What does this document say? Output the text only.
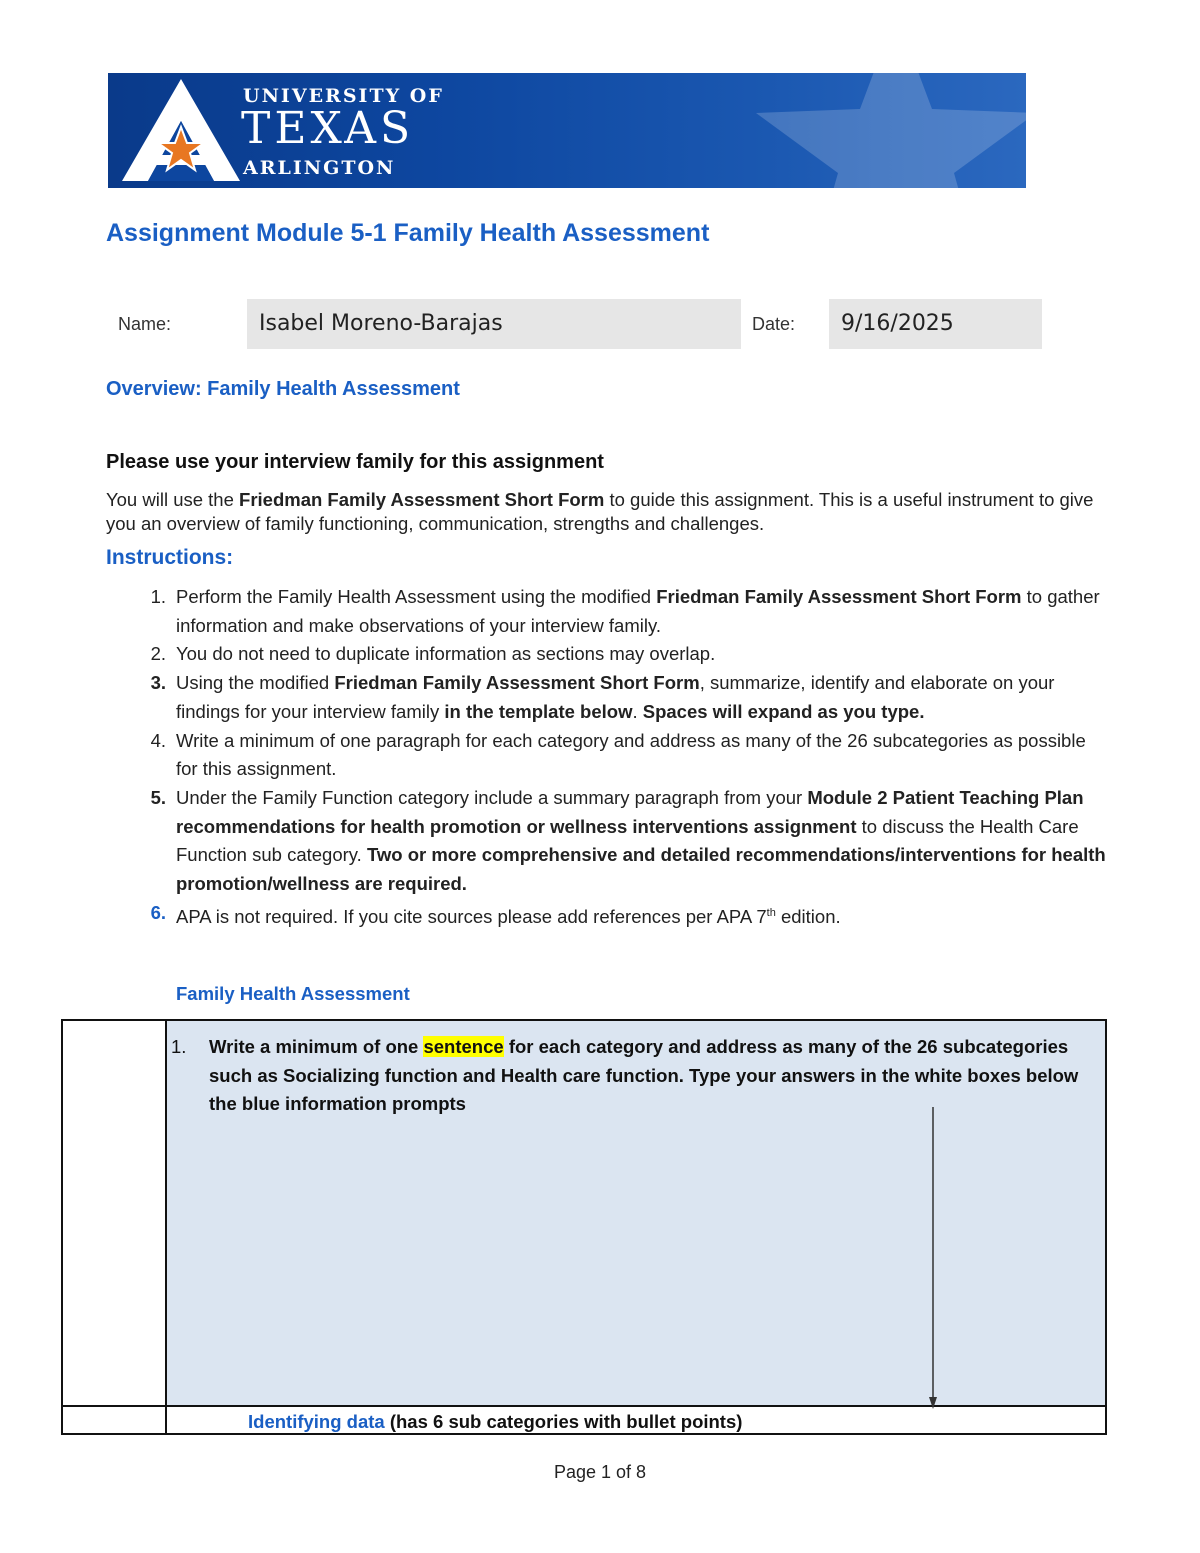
UNIVERSITY OF
TEXAS
ARLINGTON
Assignment Module 5-1 Family Health Assessment
Name:	Isabel Moreno-Barajas	Date:	9/16/2025
Overview: Family Health Assessment
Please use your interview family for this assignment
You will use the Friedman Family Assessment Short Form to guide this assignment. This is a useful instrument to give you an overview of family functioning, communication, strengths and challenges.
Instructions:
1. Perform the Family Health Assessment using the modified Friedman Family Assessment Short Form to gather information and make observations of your interview family.
2. You do not need to duplicate information as sections may overlap.
3. Using the modified Friedman Family Assessment Short Form, summarize, identify and elaborate on your findings for your interview family in the template below. Spaces will expand as you type.
4. Write a minimum of one paragraph for each category and address as many of the 26 subcategories as possible for this assignment.
5. Under the Family Function category include a summary paragraph from your Module 2 Patient Teaching Plan recommendations for health promotion or wellness interventions assignment to discuss the Health Care Function sub category. Two or more comprehensive and detailed recommendations/interventions for health promotion/wellness are required.
6. APA is not required. If you cite sources please add references per APA 7th edition.
Family Health Assessment
1. Write a minimum of one sentence for each category and address as many of the 26 subcategories such as Socializing function and Health care function. Type your answers in the white boxes below the blue information prompts
Identifying data (has 6 sub categories with bullet points)
Page 1 of 8
